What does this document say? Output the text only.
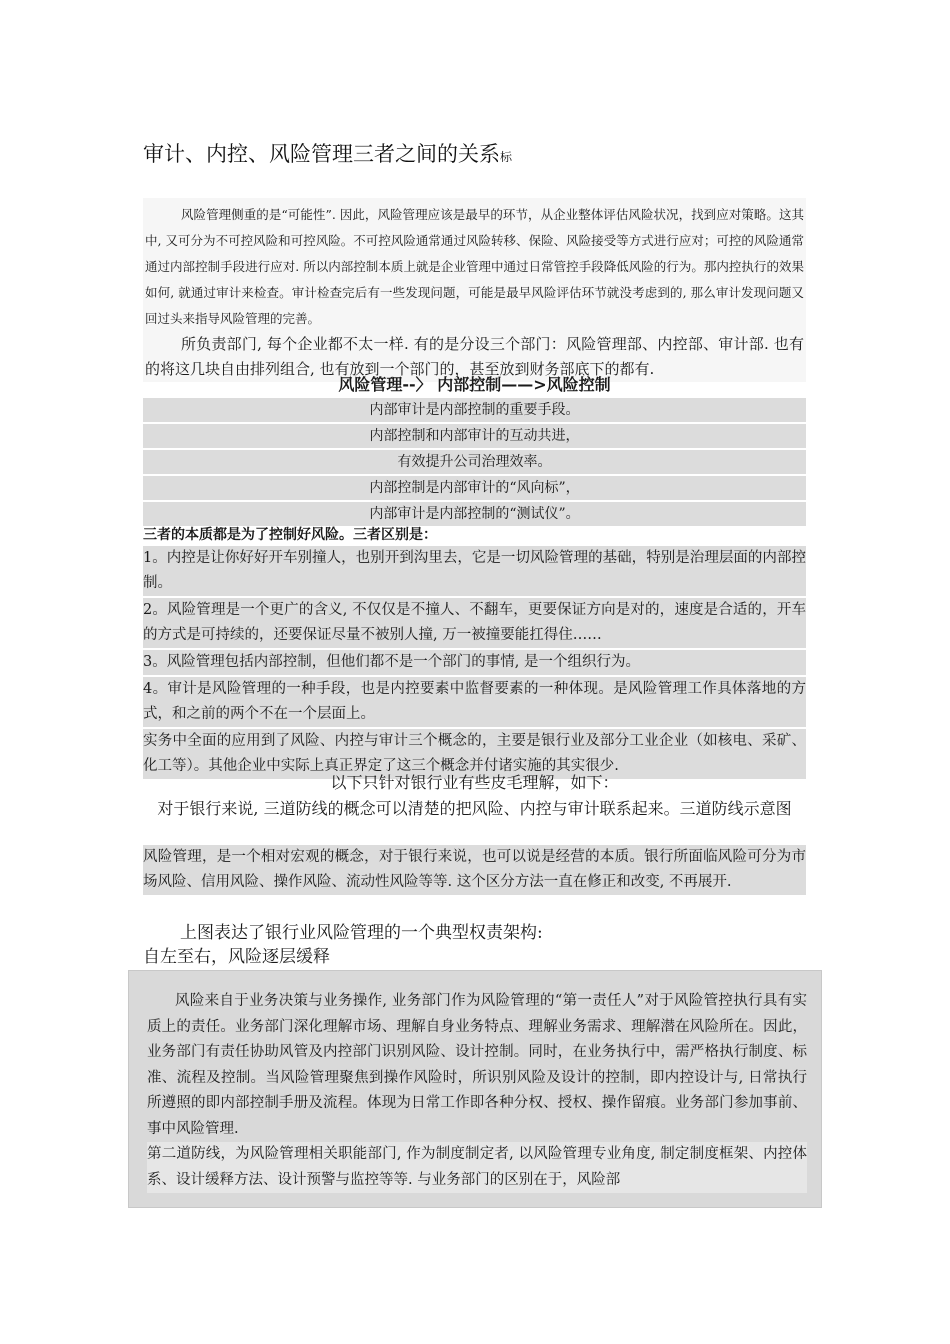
审计、内控、风险管理三者之间的关系标

风险管理侧重的是“可能性”. 因此，风险管理应该是最早的环节，从企业整体评估风险状况，找到应对策略。这其中, 又可分为不可控风险和可控风险。不可控风险通常通过风险转移、保险、风险接受等方式进行应对；可控的风险通常通过内部控制手段进行应对. 所以内部控制本质上就是企业管理中通过日常管控手段降低风险的行为。那内控执行的效果如何, 就通过审计来检查。审计检查完后有一些发现问题，可能是最早风险评估环节就没考虑到的, 那么审计发现问题又回过头来指导风险管理的完善。

所负责部门, 每个企业都不太一样. 有的是分设三个部门：风险管理部、内控部、审计部. 也有的将这几块自由排列组合, 也有放到一个部门的，甚至放到财务部底下的都有.

风险管理--〉 内部控制——>风险控制
内部审计是内部控制的重要手段。
内部控制和内部审计的互动共进，
有效提升公司治理效率。
内部控制是内部审计的“风向标”，
内部审计是内部控制的“测试仪”。
三者的本质都是为了控制好风险。三者区别是：
1。内控是让你好好开车别撞人，也别开到沟里去，它是一切风险管理的基础，特别是治理层面的内部控制。
2。风险管理是一个更广的含义, 不仅仅是不撞人、不翻车，更要保证方向是对的，速度是合适的，开车的方式是可持续的，还要保证尽量不被别人撞, 万一被撞要能扛得住……
3。风险管理包括内部控制，但他们都不是一个部门的事情, 是一个组织行为。
4。审计是风险管理的一种手段，也是内控要素中监督要素的一种体现。是风险管理工作具体落地的方式，和之前的两个不在一个层面上。
实务中全面的应用到了风险、内控与审计三个概念的，主要是银行业及部分工业企业（如核电、采矿、化工等）。其他企业中实际上真正界定了这三个概念并付诸实施的其实很少.
以下只针对银行业有些皮毛理解，如下：
对于银行来说, 三道防线的概念可以清楚的把风险、内控与审计联系起来。三道防线示意图
风险管理，是一个相对宏观的概念，对于银行来说，也可以说是经营的本质。银行所面临风险可分为市场风险、信用风险、操作风险、流动性风险等等. 这个区分方法一直在修正和改变, 不再展开.
上图表达了银行业风险管理的一个典型权责架构:
自左至右，风险逐层缓释

风险来自于业务决策与业务操作, 业务部门作为风险管理的“第一责任人”对于风险管控执行具有实质上的责任。业务部门深化理解市场、理解自身业务特点、理解业务需求、理解潜在风险所在。因此，业务部门有责任协助风管及内控部门识别风险、设计控制。同时，在业务执行中，需严格执行制度、标准、流程及控制。当风险管理聚焦到操作风险时，所识别风险及设计的控制，即内控设计与, 日常执行所遵照的即内部控制手册及流程。体现为日常工作即各种分权、授权、操作留痕。业务部门参加事前、事中风险管理.

第二道防线，为风险管理相关职能部门, 作为制度制定者, 以风险管理专业角度, 制定制度框架、内控体系、设计缓释方法、设计预警与监控等等. 与业务部门的区别在于，风险部
